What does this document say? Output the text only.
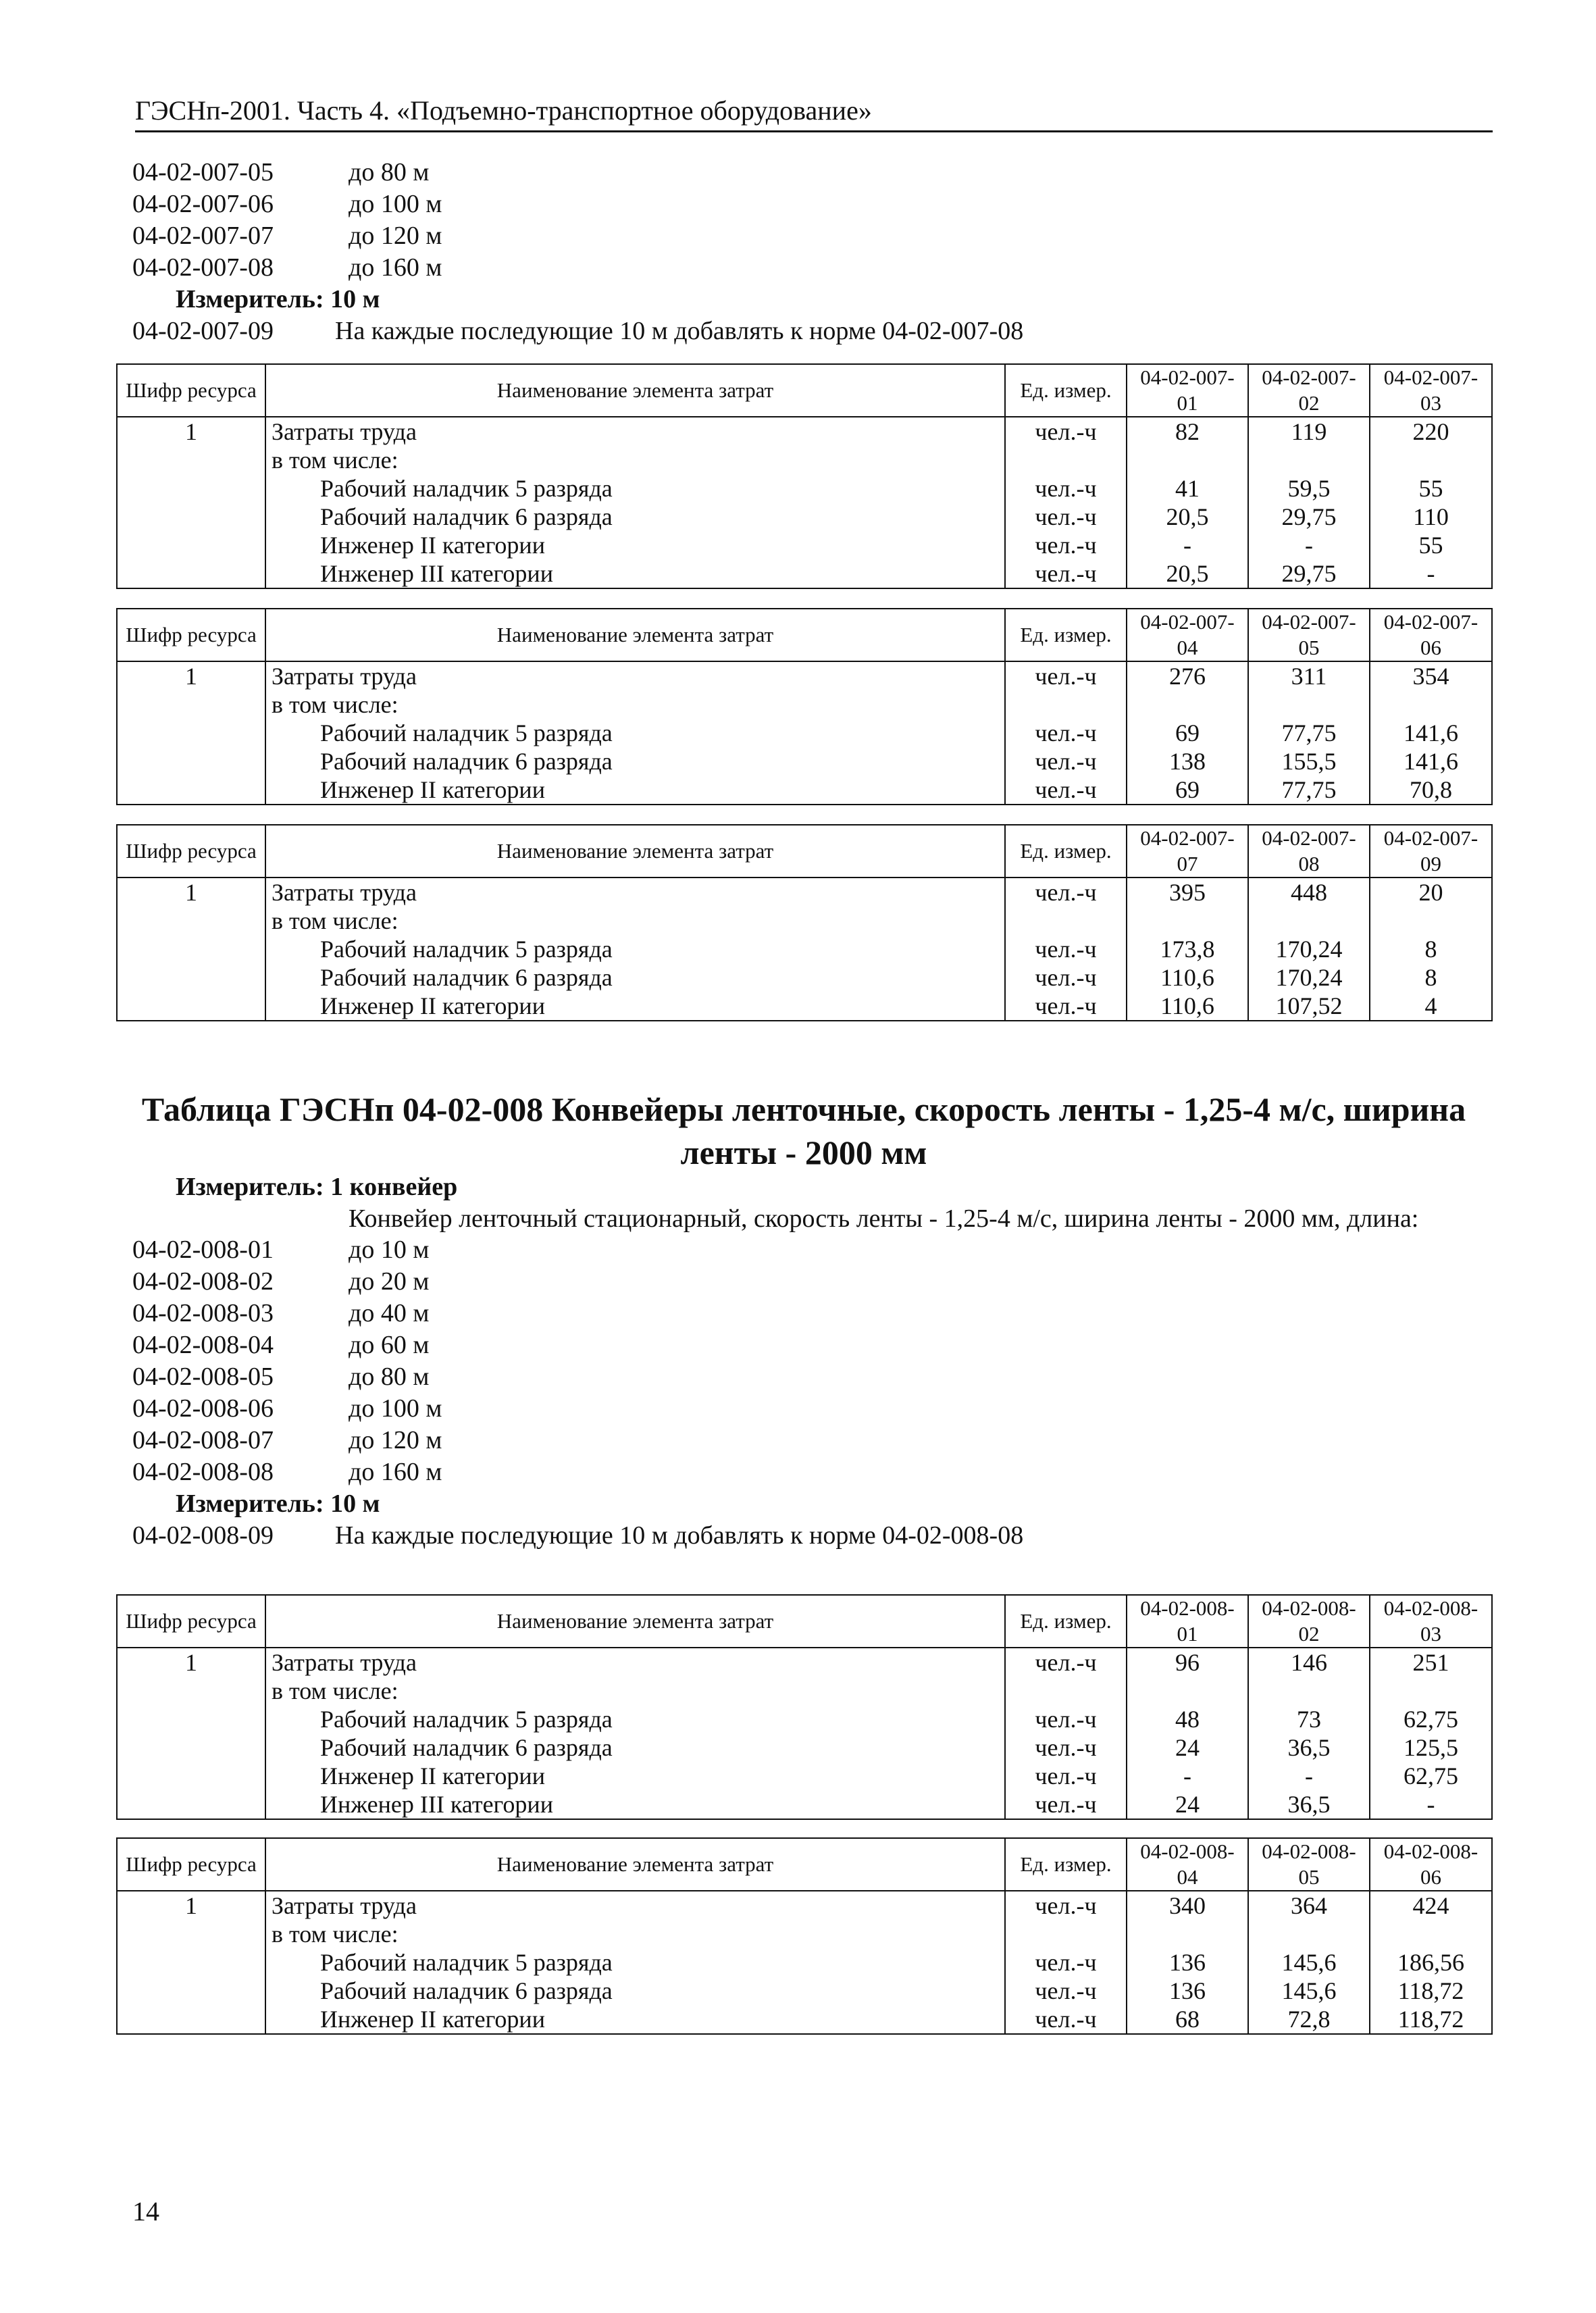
ГЭСНп-2001. Часть 4. «Подъемно-транспортное оборудование»
04-02-007-05	до 80 м
04-02-007-06	до 100 м
04-02-007-07	до 120 м
04-02-007-08	до 160 м
Измеритель: 10 м
04-02-007-09	На каждые последующие 10 м добавлять к норме 04-02-007-08
Шифр ресурса	Наименование элемента затрат	Ед. измер.	04-02-007-01	04-02-007-02	04-02-007-03
1	Затраты труда	чел.-ч	82	119	220
	в том числе:				
	Рабочий наладчик 5 разряда	чел.-ч	41	59,5	55
	Рабочий наладчик 6 разряда	чел.-ч	20,5	29,75	110
	Инженер II категории	чел.-ч	-	-	55
	Инженер III категории	чел.-ч	20,5	29,75	-
Шифр ресурса	Наименование элемента затрат	Ед. измер.	04-02-007-04	04-02-007-05	04-02-007-06
1	Затраты труда	чел.-ч	276	311	354
	в том числе:				
	Рабочий наладчик 5 разряда	чел.-ч	69	77,75	141,6
	Рабочий наладчик 6 разряда	чел.-ч	138	155,5	141,6
	Инженер II категории	чел.-ч	69	77,75	70,8
Шифр ресурса	Наименование элемента затрат	Ед. измер.	04-02-007-07	04-02-007-08	04-02-007-09
1	Затраты труда	чел.-ч	395	448	20
	в том числе:				
	Рабочий наладчик 5 разряда	чел.-ч	173,8	170,24	8
	Рабочий наладчик 6 разряда	чел.-ч	110,6	170,24	8
	Инженер II категории	чел.-ч	110,6	107,52	4
Таблица ГЭСНп 04-02-008 Конвейеры ленточные, скорость ленты - 1,25-4 м/с, ширина ленты - 2000 мм
Измеритель: 1 конвейер
Конвейер ленточный стационарный, скорость ленты - 1,25-4 м/с, ширина ленты - 2000 мм, длина:
04-02-008-01	до 10 м
04-02-008-02	до 20 м
04-02-008-03	до 40 м
04-02-008-04	до 60 м
04-02-008-05	до 80 м
04-02-008-06	до 100 м
04-02-008-07	до 120 м
04-02-008-08	до 160 м
Измеритель: 10 м
04-02-008-09	На каждые последующие 10 м добавлять к норме 04-02-008-08
Шифр ресурса	Наименование элемента затрат	Ед. измер.	04-02-008-01	04-02-008-02	04-02-008-03
1	Затраты труда	чел.-ч	96	146	251
	в том числе:				
	Рабочий наладчик 5 разряда	чел.-ч	48	73	62,75
	Рабочий наладчик 6 разряда	чел.-ч	24	36,5	125,5
	Инженер II категории	чел.-ч	-	-	62,75
	Инженер III категории	чел.-ч	24	36,5	-
Шифр ресурса	Наименование элемента затрат	Ед. измер.	04-02-008-04	04-02-008-05	04-02-008-06
1	Затраты труда	чел.-ч	340	364	424
	в том числе:				
	Рабочий наладчик 5 разряда	чел.-ч	136	145,6	186,56
	Рабочий наладчик 6 разряда	чел.-ч	136	145,6	118,72
	Инженер II категории	чел.-ч	68	72,8	118,72
14
